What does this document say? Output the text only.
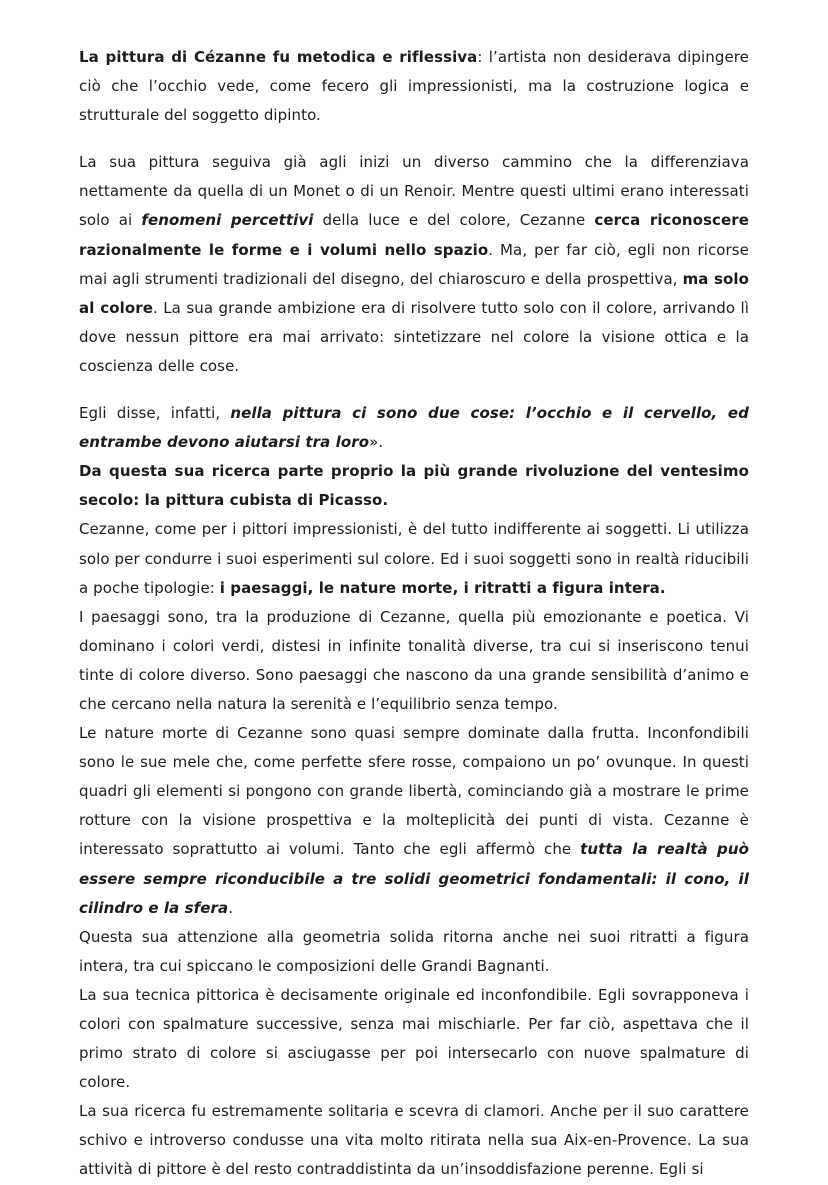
La pittura di Cézanne fu metodica e riflessiva: l’artista non desiderava dipingere ciò che l’occhio vede, come fecero gli impressionisti, ma la costruzione logica e strutturale del soggetto dipinto.

La sua pittura seguiva già agli inizi un diverso cammino che la differenziava nettamente da quella di un Monet o di un Renoir. Mentre questi ultimi erano interessati solo ai fenomeni percettivi della luce e del colore, Cezanne cerca riconoscere razionalmente le forme e i volumi nello spazio. Ma, per far ciò, egli non ricorse mai agli strumenti tradizionali del disegno, del chiaroscuro e della prospettiva, ma solo al colore. La sua grande ambizione era di risolvere tutto solo con il colore, arrivando lì dove nessun pittore era mai arrivato: sintetizzare nel colore la visione ottica e la coscienza delle cose.

Egli disse, infatti, nella pittura ci sono due cose: l’occhio e il cervello, ed entrambe devono aiutarsi tra loro».

Da questa sua ricerca parte proprio la più grande rivoluzione del ventesimo secolo: la pittura cubista di Picasso.

Cezanne, come per i pittori impressionisti, è del tutto indifferente ai soggetti. Li utilizza solo per condurre i suoi esperimenti sul colore. Ed i suoi soggetti sono in realtà riducibili a poche tipologie: i paesaggi, le nature morte, i ritratti a figura intera.

I paesaggi sono, tra la produzione di Cezanne, quella più emozionante e poetica. Vi dominano i colori verdi, distesi in infinite tonalità diverse, tra cui si inseriscono tenui tinte di colore diverso. Sono paesaggi che nascono da una grande sensibilità d’animo e che cercano nella natura la serenità e l’equilibrio senza tempo.

Le nature morte di Cezanne sono quasi sempre dominate dalla frutta. Inconfondibili sono le sue mele che, come perfette sfere rosse, compaiono un po’ ovunque. In questi quadri gli elementi si pongono con grande libertà, cominciando già a mostrare le prime rotture con la visione prospettiva e la molteplicità dei punti di vista. Cezanne è interessato soprattutto ai volumi. Tanto che egli affermò che tutta la realtà può essere sempre riconducibile a tre solidi geometrici fondamentali: il cono, il cilindro e la sfera.

Questa sua attenzione alla geometria solida ritorna anche nei suoi ritratti a figura intera, tra cui spiccano le composizioni delle Grandi Bagnanti.

La sua tecnica pittorica è decisamente originale ed inconfondibile. Egli sovrapponeva i colori con spalmature successive, senza mai mischiarle. Per far ciò, aspettava che il primo strato di colore si asciugasse per poi intersecarlo con nuove spalmature di colore.

La sua ricerca fu estremamente solitaria e scevra di clamori. Anche per il suo carattere schivo e introverso condusse una vita molto ritirata nella sua Aix-en-Provence. La sua attività di pittore è del resto contraddistinta da un’insoddisfazione perenne. Egli si
